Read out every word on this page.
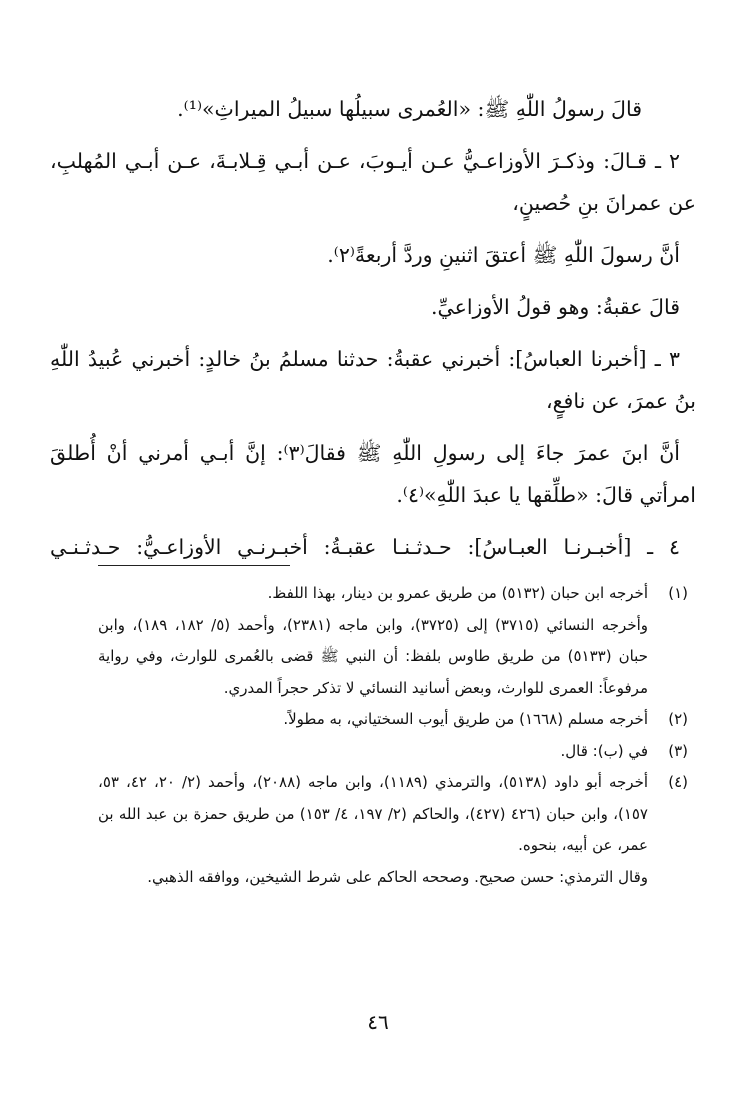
قالَ رسولُ اللّٰهِ ﷺ: «العُمرى سبيلُها سبيلُ الميراثِ»⁽¹⁾.

٢ ـ قـالَ: وذكـرَ الأوزاعـيُّ عـن أيـوبَ، عـن أبـي قِـلابـةَ، عـن أبـي المُهلبِ، عن عمرانَ بنِ حُصينٍ،

أنَّ رسولَ اللّٰهِ ﷺ أعتقَ اثنينِ وردَّ أربعةً⁽٢⁾.

قالَ عقبةُ: وهو قولُ الأوزاعيِّ.

٣ ـ [أخبرنا العباسُ]: أخبرني عقبةُ: حدثنا مسلمُ بنُ خالدٍ: أخبرني عُبيدُ اللّٰهِ بنُ عمرَ، عن نافعٍ،

أنَّ ابنَ عمرَ جاءَ إلى رسولِ اللّٰهِ ﷺ فقالَ⁽٣⁾: إنَّ أبـي أمرني أنْ أُطلقَ امرأتي قالَ: «طلِّقها يا عبدَ اللّٰهِ»⁽٤⁾.

٤ ـ [أخبـرنـا العبـاسُ]: حـدثـنـا عقبـةُ: أخبـرنـي الأوزاعـيُّ: حـدثـنـي

(١)
أخرجه ابن حبان (٥١٣٢) من طريق عمرو بن دينار، بهذا اللفظ.

وأخرجه النسائي (٣٧١٥) إلى (٣٧٢٥)، وابن ماجه (٢٣٨١)، وأحمد (٥/ ١٨٢، ١٨٩)، وابن حبان (٥١٣٣) من طريق طاوس بلفظ: أن النبي ﷺ قضى بالعُمرى للوارث، وفي رواية مرفوعاً: العمرى للوارث، وبعض أسانيد النسائي لا تذكر حجراً المدري.

(٢)
أخرجه مسلم (١٦٦٨) من طريق أيوب السختياني، به مطولاً.
(٣)
في (ب): قال.
(٤)
أخرجه أبو داود (٥١٣٨)، والترمذي (١١٨٩)، وابن ماجه (٢٠٨٨)، وأحمد (٢/ ٢٠، ٤٢، ٥٣، ١٥٧)، وابن حبان (٤٢٦ (٤٢٧)، والحاكم (٢/ ١٩٧، ٤/ ١٥٣) من طريق حمزة بن عبد الله بن عمر، عن أبيه، بنحوه.

وقال الترمذي: حسن صحيح. وصححه الحاكم على شرط الشيخين، ووافقه الذهبي.

٤٦
